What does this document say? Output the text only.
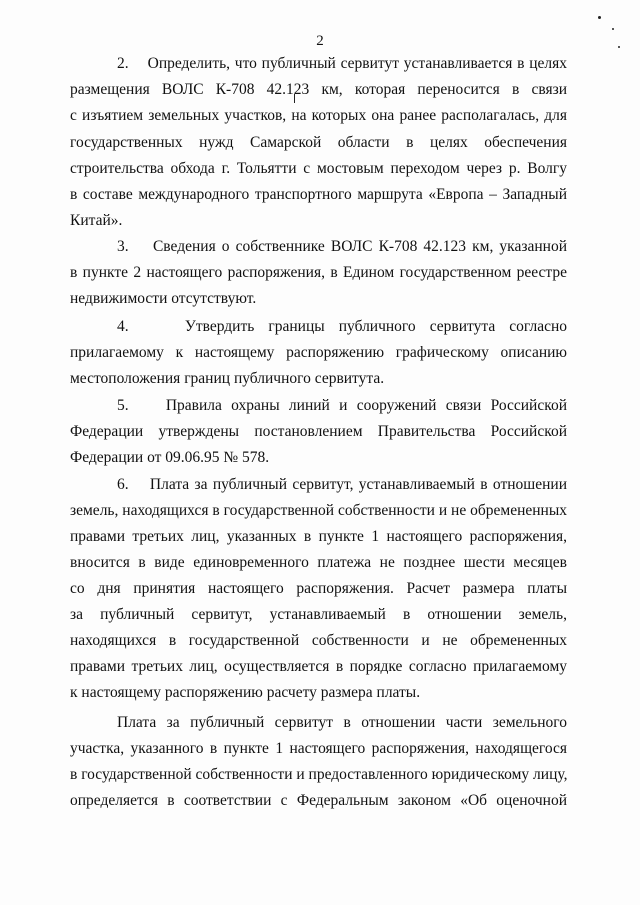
2
2.    Определить, что публичный сервитут устанавливается в целях
размещения ВОЛС К-708 42.123 км, которая переносится в связи
с изъятием земельных участков, на которых она ранее располагалась, для
государственных нужд Самарской области в целях обеспечения
строительства обхода г. Тольятти с мостовым переходом через р. Волгу
в составе международного транспортного маршрута «Европа – Западный
Китай».
3.    Сведения о собственнике ВОЛС К-708 42.123 км, указанной
в пункте 2 настоящего распоряжения, в Едином государственном реестре
недвижимости отсутствуют.
4.    Утвердить границы публичного сервитута согласно
прилагаемому к настоящему распоряжению графическому описанию
местоположения границ публичного сервитута.
5.    Правила охраны линий и сооружений связи Российской
Федерации утверждены постановлением Правительства Российской
Федерации от 09.06.95 № 578.
6.    Плата за публичный сервитут, устанавливаемый в отношении
земель, находящихся в государственной собственности и не обремененных
правами третьих лиц, указанных в пункте 1 настоящего распоряжения,
вносится в виде единовременного платежа не позднее шести месяцев
со дня принятия настоящего распоряжения. Расчет размера платы
за публичный сервитут, устанавливаемый в отношении земель,
находящихся в государственной собственности и не обремененных
правами третьих лиц, осуществляется в порядке согласно прилагаемому
к настоящему распоряжению расчету размера платы.
Плата за публичный сервитут в отношении части земельного
участка, указанного в пункте 1 настоящего распоряжения, находящегося
в государственной собственности и предоставленного юридическому лицу,
определяется в соответствии с Федеральным законом «Об оценочной
